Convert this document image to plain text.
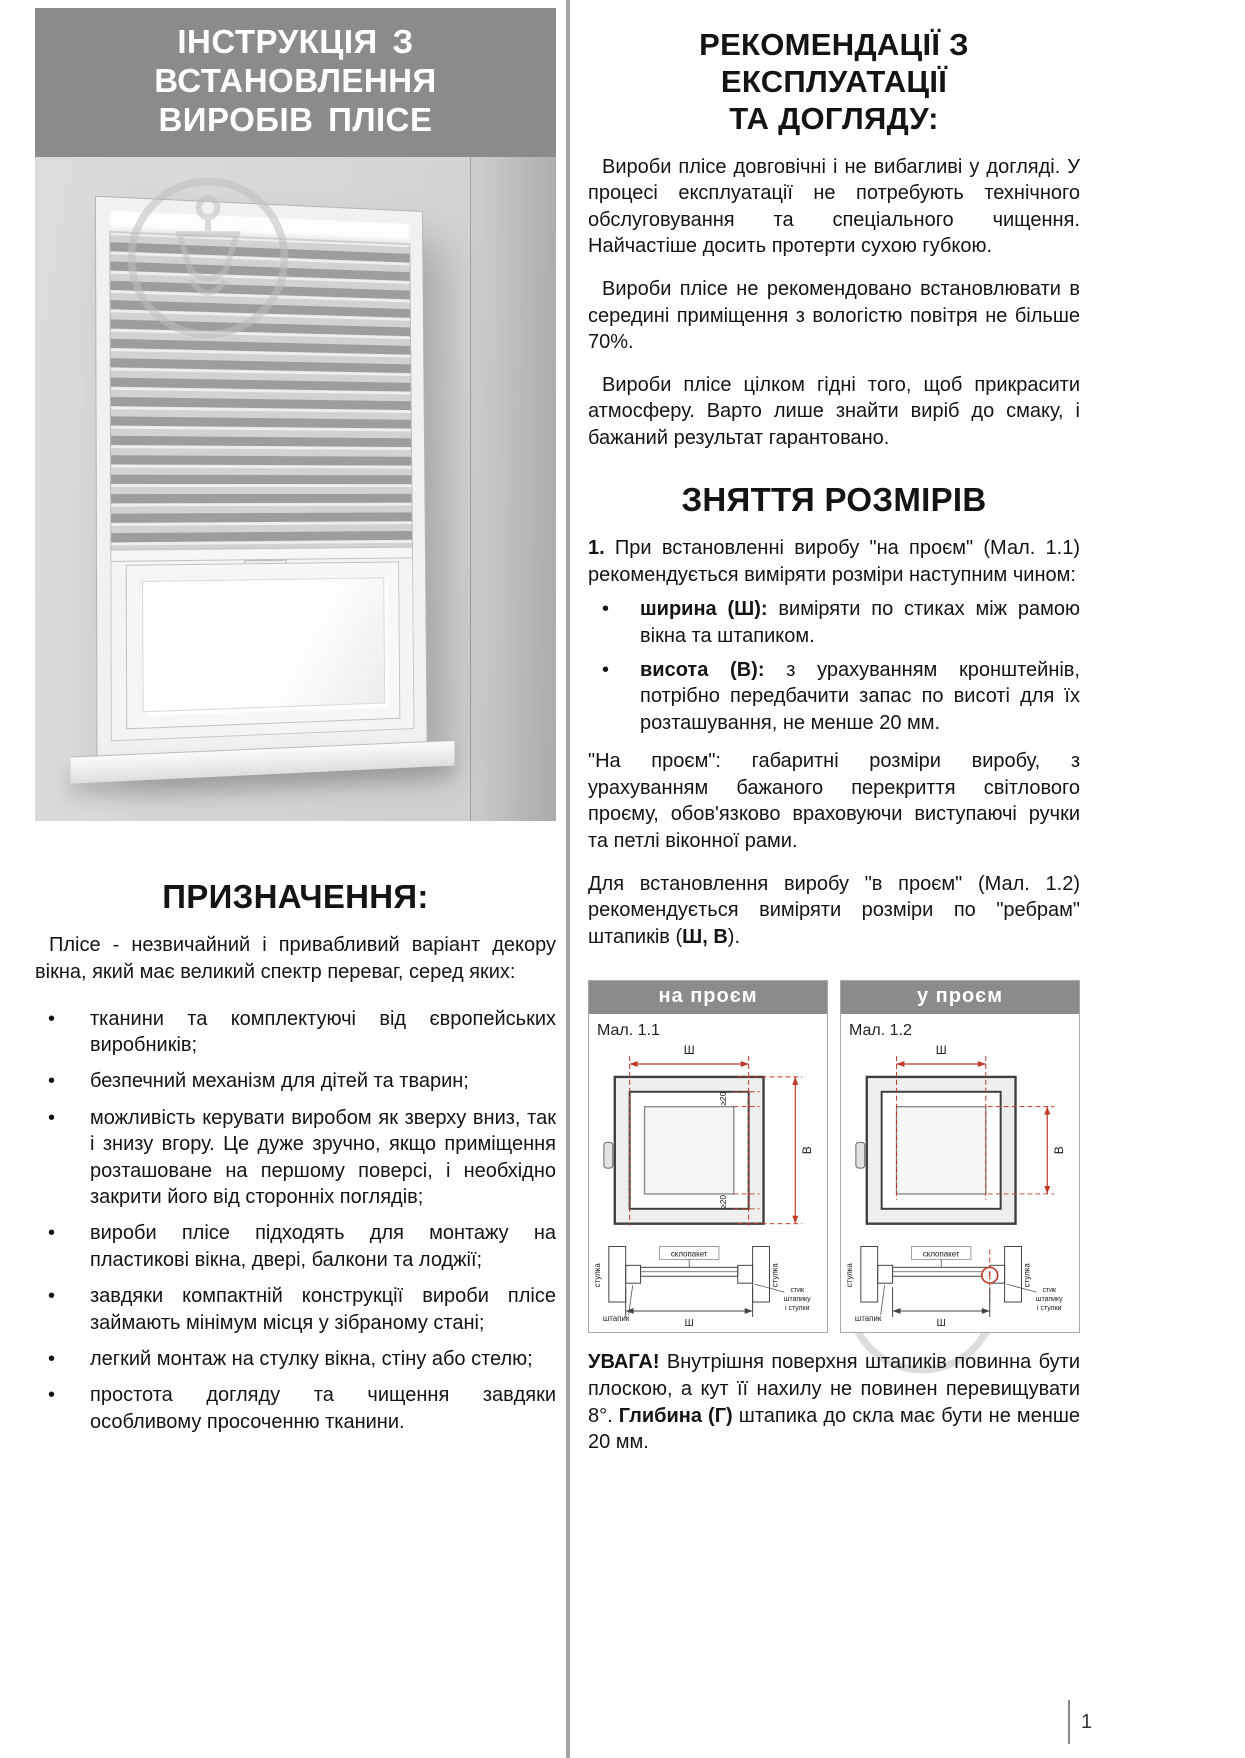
ІНСТРУКЦІЯ З ВСТАНОВЛЕННЯ
ВИРОБІВ ПЛІСЕ
ПРИЗНАЧЕННЯ:

Плісе - незвичайний і привабливий варіант декору вікна, який має великий спектр переваг, серед яких:

• тканини та комплектуючі від європейських виробників;
• безпечний механізм для дітей та тварин;
• можливість керувати виробом як зверху вниз, так і знизу вгору. Це дуже зручно, якщо приміщення розташоване на першому поверсі, і необхідно закрити його від сторонніх поглядів;
• вироби плісе підходять для монтажу на пластикові вікна, двері, балкони та лоджії;
• завдяки компактній конструкції вироби плісе займають мінімум місця у зібраному стані;
• легкий монтаж на стулку вікна, стіну або стелю;
• простота догляду та чищення завдяки особливому просоченню тканини.
РЕКОМЕНДАЦІЇ З ЕКСПЛУАТАЦІЇ
ТА ДОГЛЯДУ:

Вироби плісе довговічні і не вибагливі у догляді. У процесі експлуатації не потребують технічного обслуговування та спеціального чищення. Найчастіше досить протерти сухою губкою.

Вироби плісе не рекомендовано встановлювати в середині приміщення з вологістю повітря не більше 70%.

Вироби плісе цілком гідні того, щоб прикрасити атмосферу. Варто лише знайти виріб до смаку, і бажаний результат гарантовано.

ЗНЯТТЯ РОЗМІРІВ

1. При встановленні виробу "на проєм" (Мал. 1.1) рекомендується виміряти розміри наступним чином:

• ширина (Ш): виміряти по стиках між рамою вікна та штапиком.
• висота (В): з урахуванням кронштейнів, потрібно передбачити запас по висоті для їх розташування, не менше 20 мм.

"На проєм": габаритні розміри виробу, з урахуванням бажаного перекриття світлового проєму, обов'язково враховуючи виступаючі ручки та петлі віконної рами.

Для встановлення виробу "в проєм" (Мал. 1.2) рекомендується виміряти розміри по "ребрам" штапиків (Ш, В).

на проєм
Мал. 1.1
Ш
В
≥20
≥20
склопакет
стулка	стулка
штапик	Ш
стик
штапику
і стулки
у проєм
Мал. 1.2
Ш
В
склопакет
стулка	стулка
штапик
!
Ш
стик
штапику
і стулки

УВАГА! Внутрішня поверхня штапиків повинна бути плоскою, а кут її нахилу не повинен перевищувати 8°. Глибина (Г) штапика до скла має бути не менше 20 мм.

1
